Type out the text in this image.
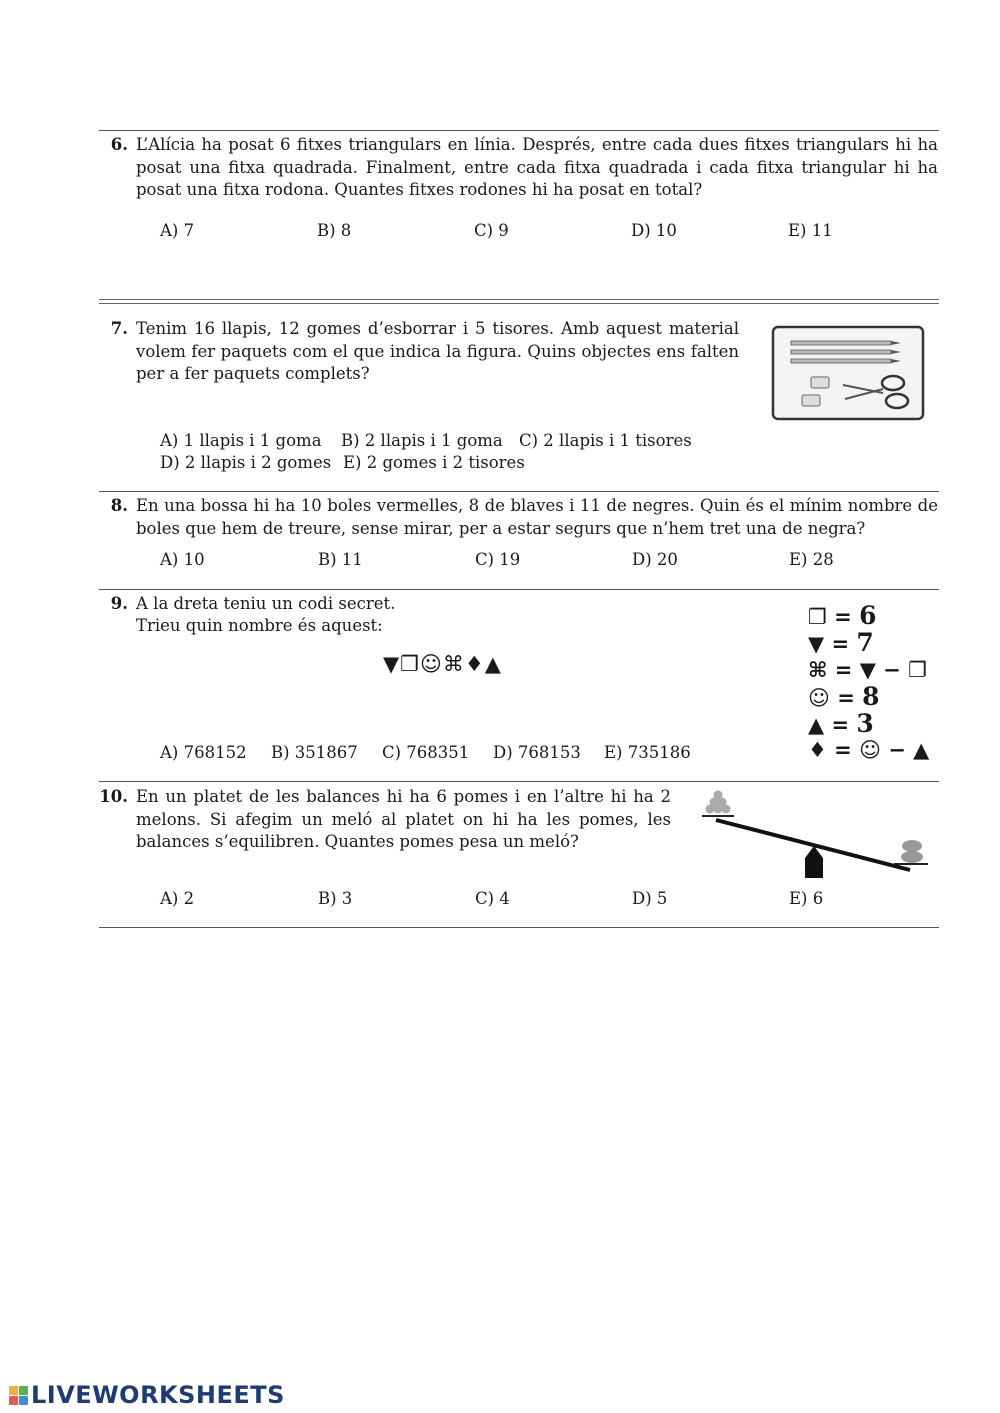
6. L’Alícia ha posat 6 fitxes triangulars en línia. Després, entre cada dues fitxes triangulars hi ha posat una fitxa quadrada. Finalment, entre cada fitxa quadrada i cada fitxa triangular hi ha posat una fitxa rodona. Quantes fitxes rodones hi ha posat en total?
A) 7	B) 8	C) 9	D) 10	E) 11
7. Tenim 16 llapis, 12 gomes d’esborrar i 5 tisores. Amb aquest material volem fer paquets com el que indica la figura. Quins objectes ens falten per a fer paquets complets?
A) 1 llapis i 1 goma B) 2 llapis i 1 goma C) 2 llapis i 1 tisores
D) 2 llapis i 2 gomes E) 2 gomes i 2 tisores
8. En una bossa hi ha 10 boles vermelles, 8 de blaves i 11 de negres. Quin és el mínim nombre de boles que hem de treure, sense mirar, per a estar segurs que n’hem tret una de negra?
A) 10	B) 11	C) 19	D) 20	E) 28
9. A la dreta teniu un codi secret.
Trieu quin nombre és aquest:
▼❐☺⌘♦▲
❐ = 6
▼ = 7
⌘ = ▼ − ❐
☺ = 8
▲ = 3
♦ = ☺ − ▲
A) 768152 B) 351867 C) 768351 D) 768153 E) 735186
10. En un platet de les balances hi ha 6 pomes i en l’altre hi ha 2 melons. Si afegim un meló al platet on hi ha les pomes, les balances s’equilibren. Quantes pomes pesa un meló?
A) 2	B) 3	C) 4	D) 5	E) 6
LIVEWORKSHEETS
